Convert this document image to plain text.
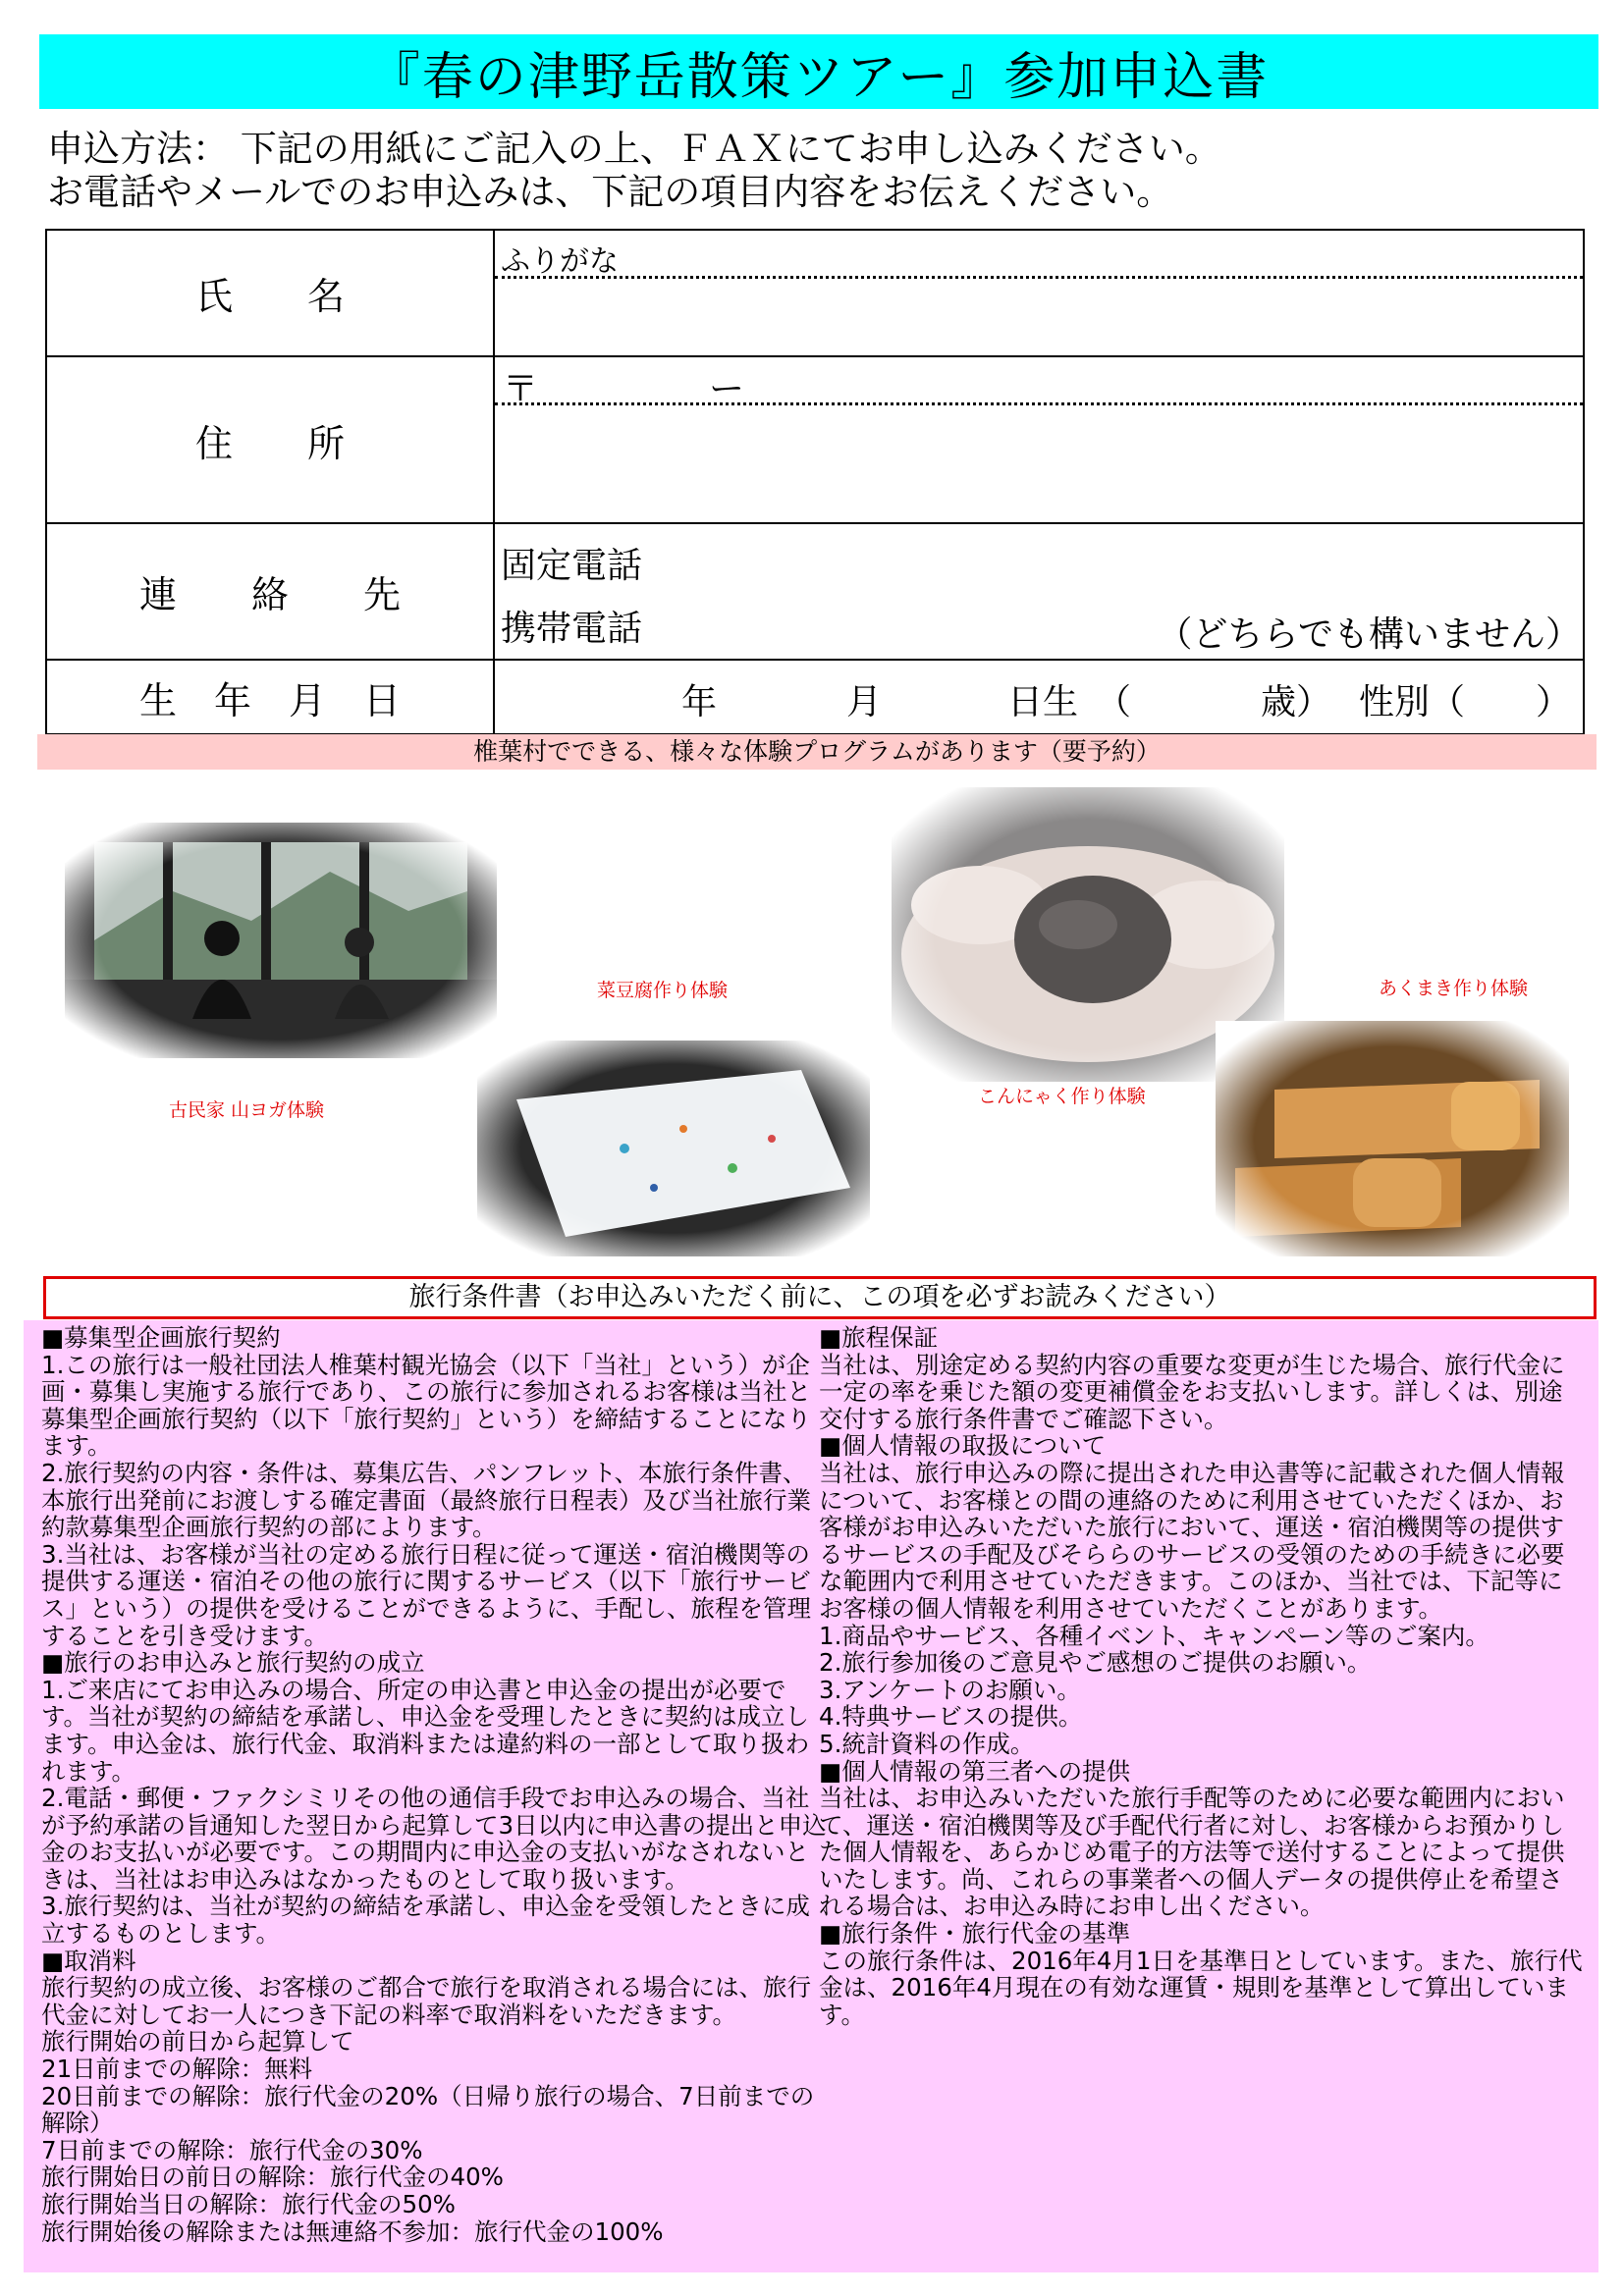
『春の津野岳散策ツアー』参加申込書
申込方法： 下記の用紙にご記入の上、ＦＡＸにてお申し込みください。
お電話やメールでのお申込みは、下記の項目内容をお伝えください。
氏　　名	ふりがな

住　　所	〒 ー

連　　絡　　先	固定電話
携帯電話 （どちらでも構いません）

生　年　月　日	年 月 日生　（ 歳） 性別（　　）
椎葉村でできる、様々な体験プログラムがあります（要予約）
古民家 山ヨガ体験
菜豆腐作り体験
こんにゃく作り体験
あくまき作り体験
旅行条件書（お申込みいただく前に、この項を必ずお読みください）
■募集型企画旅行契約
1.この旅行は一般社団法人椎葉村観光協会（以下「当社」という）が企画・募集し実施する旅行であり、この旅行に参加されるお客様は当社と募集型企画旅行契約（以下「旅行契約」という）を締結することになります。
2.旅行契約の内容・条件は、募集広告、パンフレット、本旅行条件書、本旅行出発前にお渡しする確定書面（最終旅行日程表）及び当社旅行業約款募集型企画旅行契約の部によります。
3.当社は、お客様が当社の定める旅行日程に従って運送・宿泊機関等の提供する運送・宿泊その他の旅行に関するサービス（以下「旅行サービス」という）の提供を受けることができるように、手配し、旅程を管理することを引き受けます。
■旅行のお申込みと旅行契約の成立
1.ご来店にてお申込みの場合、所定の申込書と申込金の提出が必要です。当社が契約の締結を承諾し、申込金を受理したときに契約は成立します。申込金は、旅行代金、取消料または違約料の一部として取り扱われます。
2.電話・郵便・ファクシミリその他の通信手段でお申込みの場合、当社が予約承諾の旨通知した翌日から起算して3日以内に申込書の提出と申込金のお支払いが必要です。この期間内に申込金の支払いがなされないときは、当社はお申込みはなかったものとして取り扱います。
3.旅行契約は、当社が契約の締結を承諾し、申込金を受領したときに成立するものとします。
■取消料
旅行契約の成立後、お客様のご都合で旅行を取消される場合には、旅行代金に対してお一人につき下記の料率で取消料をいただきます。
旅行開始の前日から起算して
21日前までの解除：無料
20日前までの解除：旅行代金の20%（日帰り旅行の場合、7日前までの解除）
7日前までの解除：旅行代金の30%
旅行開始日の前日の解除：旅行代金の40%
旅行開始当日の解除：旅行代金の50%
旅行開始後の解除または無連絡不参加：旅行代金の100%
■旅程保証
当社は、別途定める契約内容の重要な変更が生じた場合、旅行代金に一定の率を乗じた額の変更補償金をお支払いします。詳しくは、別途交付する旅行条件書でご確認下さい。
■個人情報の取扱について
当社は、旅行申込みの際に提出された申込書等に記載された個人情報について、お客様との間の連絡のために利用させていただくほか、お客様がお申込みいただいた旅行において、運送・宿泊機関等の提供するサービスの手配及びそららのサービスの受領のための手続きに必要な範囲内で利用させていただきます。このほか、当社では、下記等にお客様の個人情報を利用させていただくことがあります。
1.商品やサービス、各種イベント、キャンペーン等のご案内。
2.旅行参加後のご意見やご感想のご提供のお願い。
3.アンケートのお願い。
4.特典サービスの提供。
5.統計資料の作成。
■個人情報の第三者への提供
当社は、お申込みいただいた旅行手配等のために必要な範囲内において、運送・宿泊機関等及び手配代行者に対し、お客様からお預かりした個人情報を、あらかじめ電子的方法等で送付することによって提供いたします。尚、これらの事業者への個人データの提供停止を希望される場合は、お申込み時にお申し出ください。
■旅行条件・旅行代金の基準
この旅行条件は、2016年4月1日を基準日としています。また、旅行代金は、2016年4月現在の有効な運賃・規則を基準として算出しています。
